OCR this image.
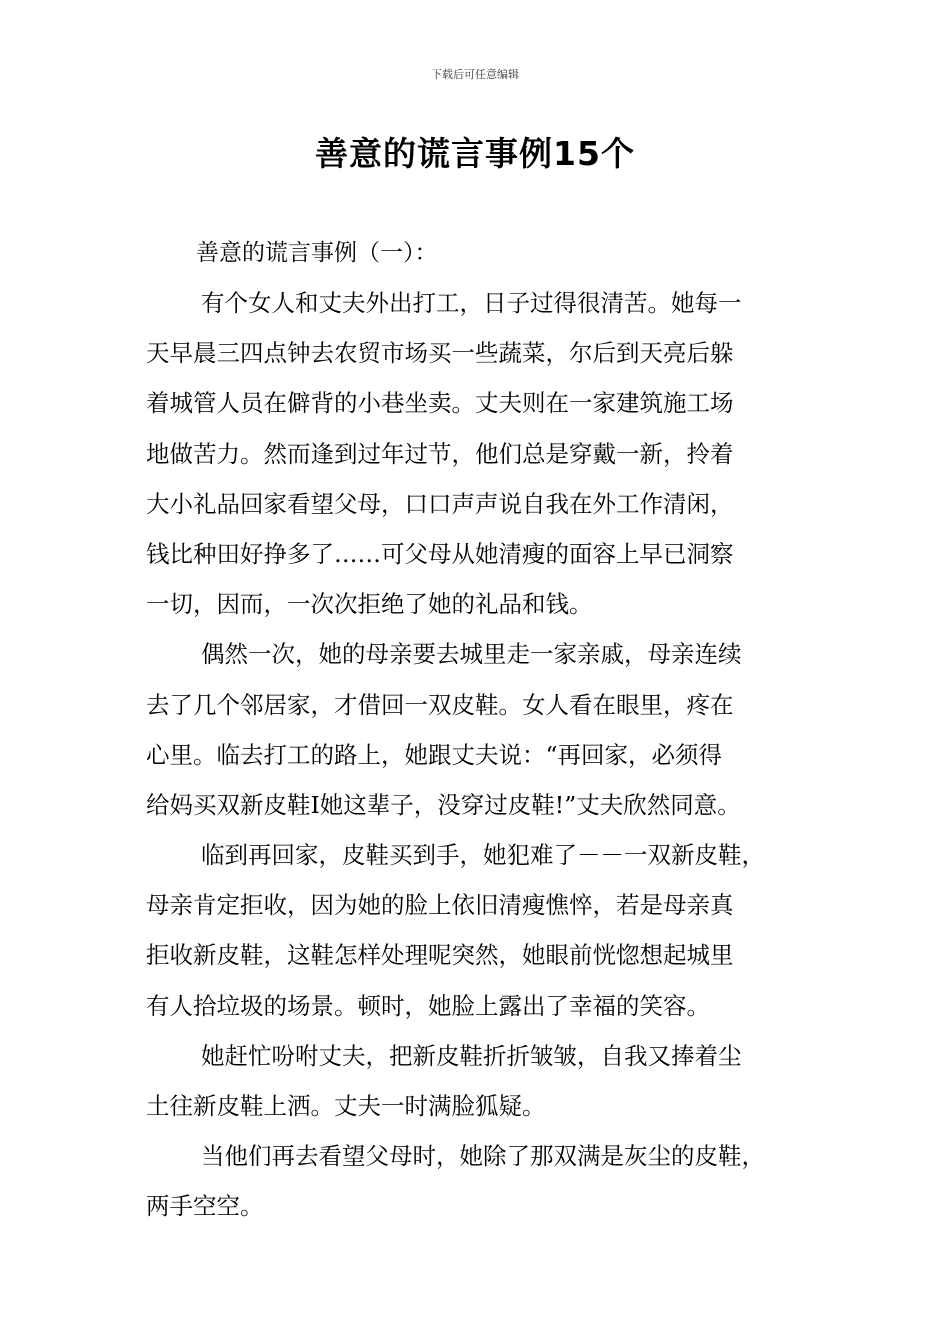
下载后可任意编辑
善意的谎言事例15个
善意的谎言事例（一）：
有个女人和丈夫外出打工，日子过得很清苦。她每一
天早晨三四点钟去农贸市场买一些蔬菜，尔后到天亮后躲
着城管人员在僻背的小巷坐卖。丈夫则在一家建筑施工场
地做苦力。然而逢到过年过节，他们总是穿戴一新，拎着
大小礼品回家看望父母，口口声声说自我在外工作清闲，
钱比种田好挣多了……可父母从她清瘦的面容上早已洞察
一切，因而，一次次拒绝了她的礼品和钱。
偶然一次，她的母亲要去城里走一家亲戚，母亲连续
去了几个邻居家，才借回一双皮鞋。女人看在眼里，疼在
心里。临去打工的路上，她跟丈夫说：“再回家，必须得
给妈买双新皮鞋I她这辈子，没穿过皮鞋!”丈夫欣然同意。
临到再回家，皮鞋买到手，她犯难了－－一双新皮鞋，
母亲肯定拒收，因为她的脸上依旧清瘦憔悴，若是母亲真
拒收新皮鞋，这鞋怎样处理呢突然，她眼前恍惚想起城里
有人拾垃圾的场景。顿时，她脸上露出了幸福的笑容。
她赶忙吩咐丈夫，把新皮鞋折折皱皱，自我又捧着尘
土往新皮鞋上洒。丈夫一时满脸狐疑。
当他们再去看望父母时，她除了那双满是灰尘的皮鞋，
两手空空。
